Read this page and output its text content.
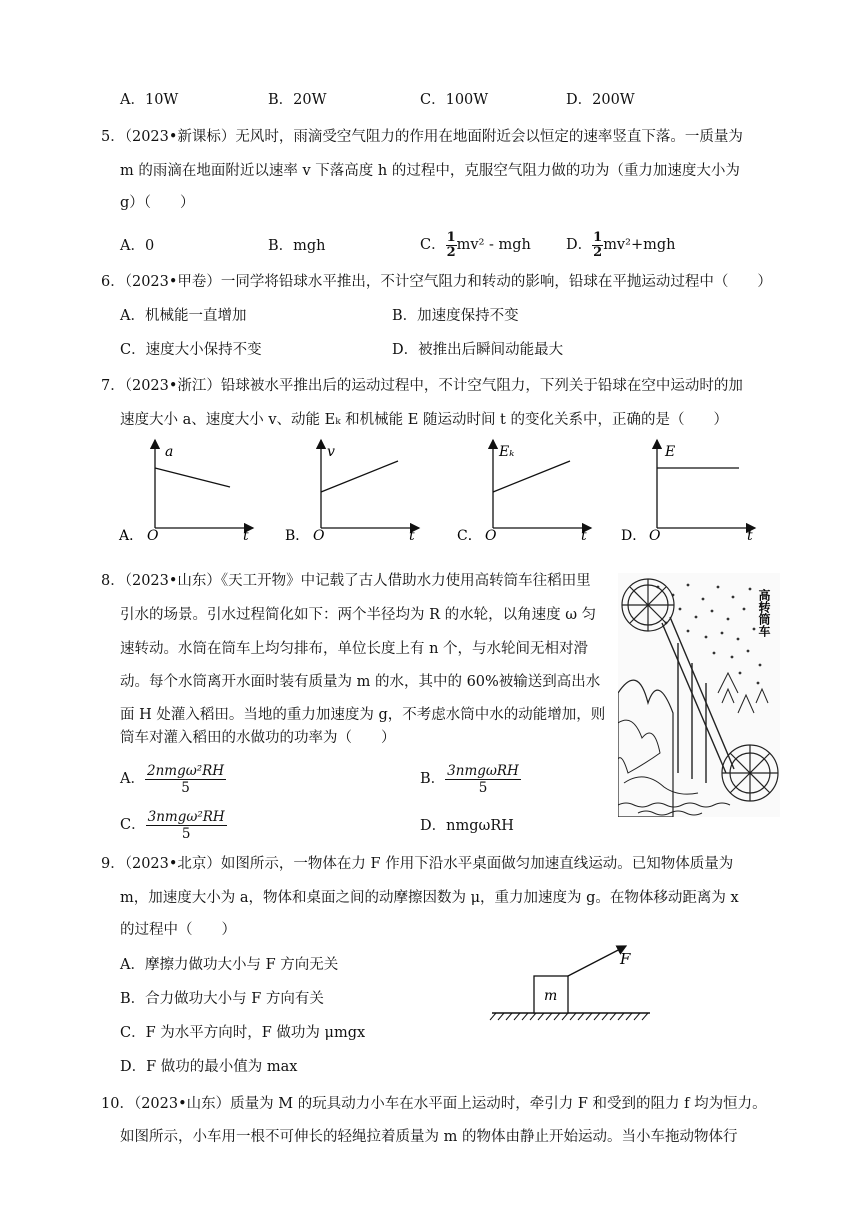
A．10W	B．20W	C．100W	D．200W
5．（2023•新课标）无风时，雨滴受空气阻力的作用在地面附近会以恒定的速率竖直下落。一质量为
m 的雨滴在地面附近以速率 v 下落高度 h 的过程中，克服空气阻力做的功为（重力加速度大小为
g）（　　）
A．0	B．mgh	C． $\frac{1}{2} mv^2$ - mgh D． $\frac{1}{2} mv^2+mgh$
6．（2023•甲卷）一同学将铅球水平推出，不计空气阻力和转动的影响，铅球在平抛运动过程中（　　）
A．机械能一直增加	B．加速度保持不变
C．速度大小保持不变	D．被推出后瞬间动能最大
7．（2023•浙江）铅球被水平推出后的运动过程中，不计空气阻力，下列关于铅球在空中运动时的加
速度大小 a、速度大小 v、动能 Eₖ 和机械能 E 随运动时间 t 的变化关系中，正确的是（　　）
A． O
a
t	B． O
v
t	C． O
Eₖ
t D． O
E
t
8．（2023•山东）《天工开物》中记载了古人借助水力使用高转筒车往稻田里
引水的场景。引水过程简化如下：两个半径均为 R 的水轮，以角速度 ω 匀
速转动。水筒在筒车上均匀排布，单位长度上有 n 个，与水轮间无相对滑
动。每个水筒离开水面时装有质量为 m 的水，其中的 60%被输送到高出水
面 H 处灌入稻田。当地的重力加速度为 g，不考虑水筒中水的动能增加，则
筒车对灌入稻田的水做功的功率为（　　）
A． $\frac{\text{2nmgω²RH}}{5}$	B． $\frac{\text{3nmgωRH}}{5}$
C． $\frac{\text{3nmgω²RH}}{5}$	D．nmgωRH
高转筒车
9．（2023•北京）如图所示，一物体在力 F 作用下沿水平桌面做匀加速直线运动。已知物体质量为
m，加速度大小为 a，物体和桌面之间的动摩擦因数为 μ，重力加速度为 g。在物体移动距离为 x
的过程中（　　）
A．摩擦力做功大小与 F 方向无关
B．合力做功大小与 F 方向有关
C．F 为水平方向时，F 做功为 μmgx
D．F 做功的最小值为 max
m
F
10．（2023•山东）质量为 M 的玩具动力小车在水平面上运动时，牵引力 F 和受到的阻力 f 均为恒力。
如图所示，小车用一根不可伸长的轻绳拉着质量为 m 的物体由静止开始运动。当小车拖动物体行
